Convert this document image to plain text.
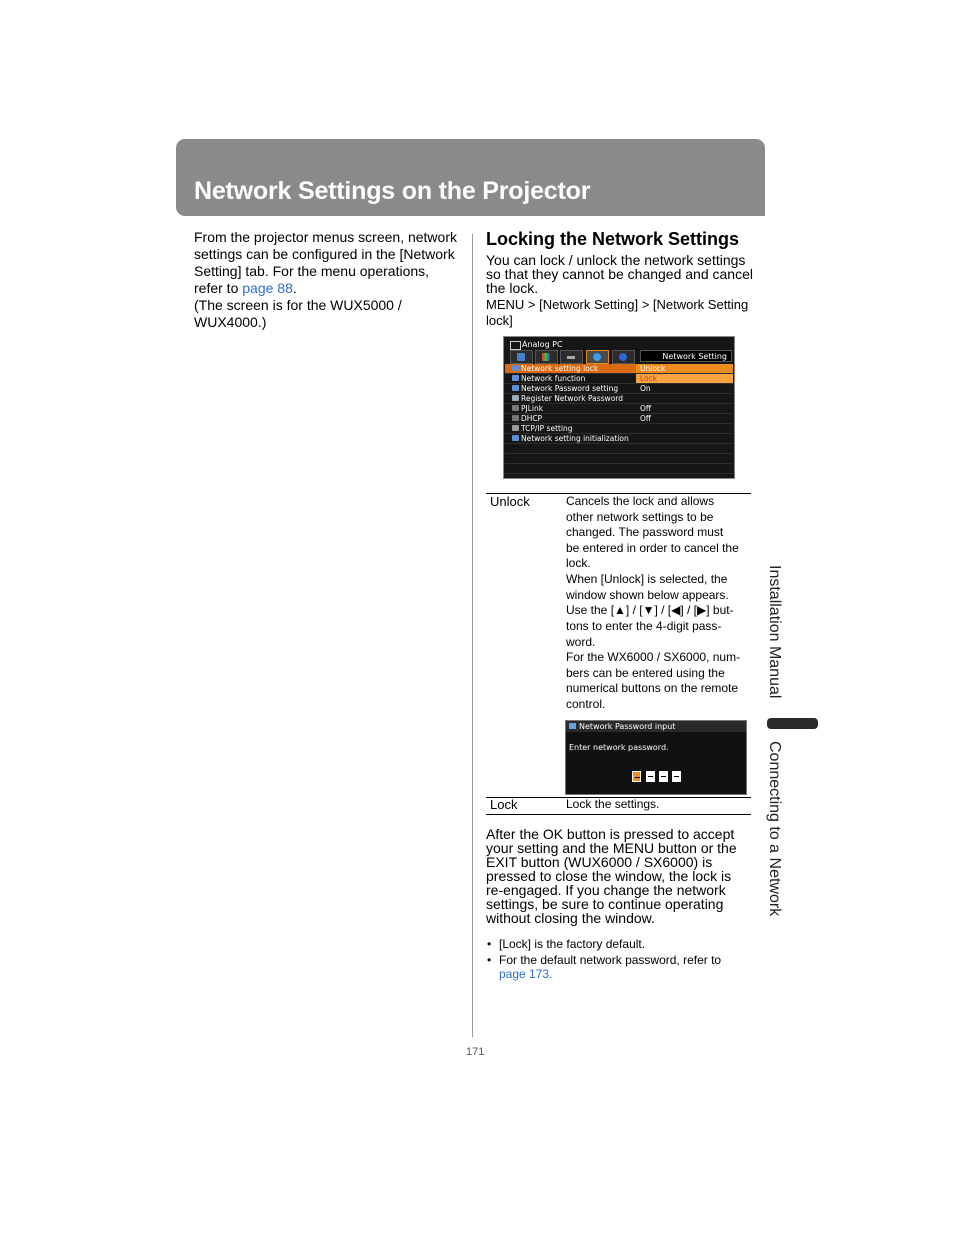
Network Settings on the Projector
From the projector menus screen, network
settings can be configured in the [Network
Setting] tab. For the menu operations,
refer to page 88.
(The screen is for the WUX5000 /
WUX4000.)
Locking the Network Settings
You can lock / unlock the network settings
so that they cannot be changed and cancel
the lock.
MENU > [Network Setting] > [Network Setting
lock]
Analog PC
Network Setting
Network setting lock	Unlock
Network function	Lock
Network Password setting	On
Register Network Password
PJLink	Off
DHCP	Off
TCP/IP setting
Network setting initialization
Unlock	Cancels the lock and allows
other network settings to be
changed. The password must
be entered in order to cancel the
lock.
When [Unlock] is selected, the
window shown below appears.
Use the [▲] / [▼] / [◀] / [▶] but-
tons to enter the 4-digit pass-
word.
For the WX6000 / SX6000, num-
bers can be entered using the
numerical buttons on the remote
control.
Network Password input
Enter network password.
Lock	Lock the settings.
After the OK button is pressed to accept
your setting and the MENU button or the
EXIT button (WUX6000 / SX6000) is
pressed to close the window, the lock is
re-engaged. If you change the network
settings, be sure to continue operating
without closing the window.
• [Lock] is the factory default.
• For the default network password, refer to
page 173.
Installation Manual
Connecting to a Network
171
